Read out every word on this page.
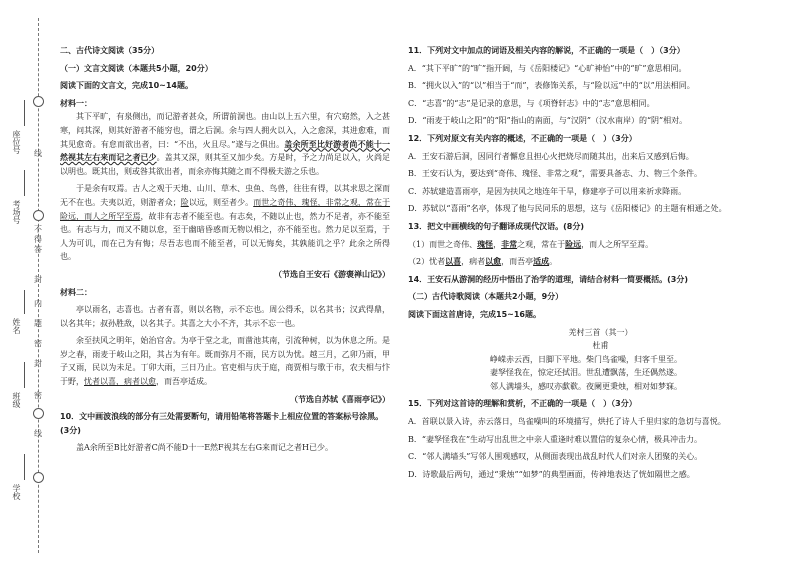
座位号
考场号
姓名
班级
学校
线
不
得
答
封
内
题
密
封
线
密

二、古代诗文阅读（35分）

（一）文言文阅读（本题共5小题，20分）

阅读下面的文言文，完成10~14题。

材料一：

其下平旷，有泉侧出，而记游者甚众，所谓前洞也。由山以上五六里，有穴窈然，入之甚寒，问其深，则其好游者不能穷也，谓之后洞。余与四人拥火以入，入之愈深，其进愈难，而其见愈奇。有怠而欲出者，曰：“不出，火且尽。”遂与之俱出。盖余所至比好游者尚不能十一然视其左右来而记之者已少。盖其又深，则其至又加少矣。方是时，予之力尚足以入，火尚足以明也。既其出，则或咎其欲出者，而余亦悔其随之而不得极夫游之乐也。

于是余有叹焉。古人之观于天地、山川、草木、虫鱼、鸟兽，往往有得，以其求思之深而无不在也。夫夷以近，则游者众；险以远，则至者少。而世之奇伟、瑰怪，非常之观，常在于险远，而人之所罕至焉，故非有志者不能至也。有志矣，不随以止也，然力不足者，亦不能至也。有志与力，而又不随以怠，至于幽暗昏惑而无物以相之，亦不能至也。然力足以至焉，于人为可讥，而在己为有悔；尽吾志也而不能至者，可以无悔矣，其孰能讥之乎？此余之所得也。

（节选自王安石《游褒禅山记》）

材料二：

亭以雨名，志喜也。古者有喜，则以名物，示不忘也。周公得禾，以名其书；汉武得鼎，以名其年；叔孙胜敌，以名其子。其喜之大小不齐，其示不忘一也。

余至扶风之明年，始治官舍。为亭于堂之北，而凿池其南，引流种树，以为休息之所。是岁之春，雨麦于岐山之阳，其占为有年。既而弥月不雨，民方以为忧。越三月，乙卯乃雨，甲子又雨，民以为未足。丁卯大雨，三日乃止。官吏相与庆于庭，商贾相与歌于市，农夫相与忭于野，忧者以喜，病者以愈，而吾亭适成。

（节选自苏轼《喜雨亭记》）

10．文中画波浪线的部分有三处需要断句，请用铅笔将答题卡上相应位置的答案标号涂黑。(3分)

盖A余所至B比好游者C尚不能D十一E然F视其左右G来而记之者H已少。

11．下列对文中加点的词语及相关内容的解说，不正确的一项是（　）（3分）

A．“其下平旷”的“旷”指开阔，与《岳阳楼记》“心旷神怡”中的“旷”意思相同。

B．“拥火以入”的“以”相当于“而”，表修饰关系，与“险以远”中的“以”用法相同。

C．“志喜”的“志”是记录的意思，与《项脊轩志》中的“志”意思相同。

D．“雨麦于岐山之阳”的“阳”指山的南面，与“汉阴”（汉水南岸）的“阴”相对。

12．下列对原文有关内容的概述，不正确的一项是（　）（3分）

A．王安石游后洞，因同行者懈怠且担心火把烧尽而随其出，出来后又感到后悔。

B．王安石认为，要达到“奇伟、瑰怪、非常之观”，需要具备志、力、物三个条件。

C．苏轼建造喜雨亭，是因为扶风之地连年干旱，修建亭子可以用来祈求降雨。

D．苏轼以“喜雨”名亭，体现了他与民同乐的思想，这与《岳阳楼记》的主题有相通之处。

13．把文中画横线的句子翻译成现代汉语。(8分)

（1）而世之奇伟、瑰怪，非常之观，常在于险远，而人之所罕至焉。

（2）忧者以喜，病者以愈，而吾亭适成。

14．王安石从游洞的经历中悟出了治学的道理，请结合材料一简要概括。(3分)

（二）古代诗歌阅读（本题共2小题，9分）

阅读下面这首唐诗，完成15~16题。

羌村三首（其一）

杜甫

峥嵘赤云西，日脚下平地。柴门鸟雀噪，归客千里至。

妻孥怪我在，惊定还拭泪。世乱遭飘荡，生还偶然遂。

邻人满墙头，感叹亦歔欷。夜阑更秉烛，相对如梦寐。

15．下列对这首诗的理解和赏析，不正确的一项是（　）（3分）

A．首联以景入诗，赤云落日，鸟雀噪叫的环境描写，烘托了诗人千里归家的急切与喜悦。

B．“妻孥怪我在”生动写出乱世之中亲人重逢时难以置信的复杂心情，极具冲击力。

C．“邻人满墙头”写邻人围观感叹，从侧面表现出战乱时代人们对亲人团聚的关心。

D．诗歌最后两句，通过“秉烛”“如梦”的典型画面，传神地表达了恍如隔世之感。
